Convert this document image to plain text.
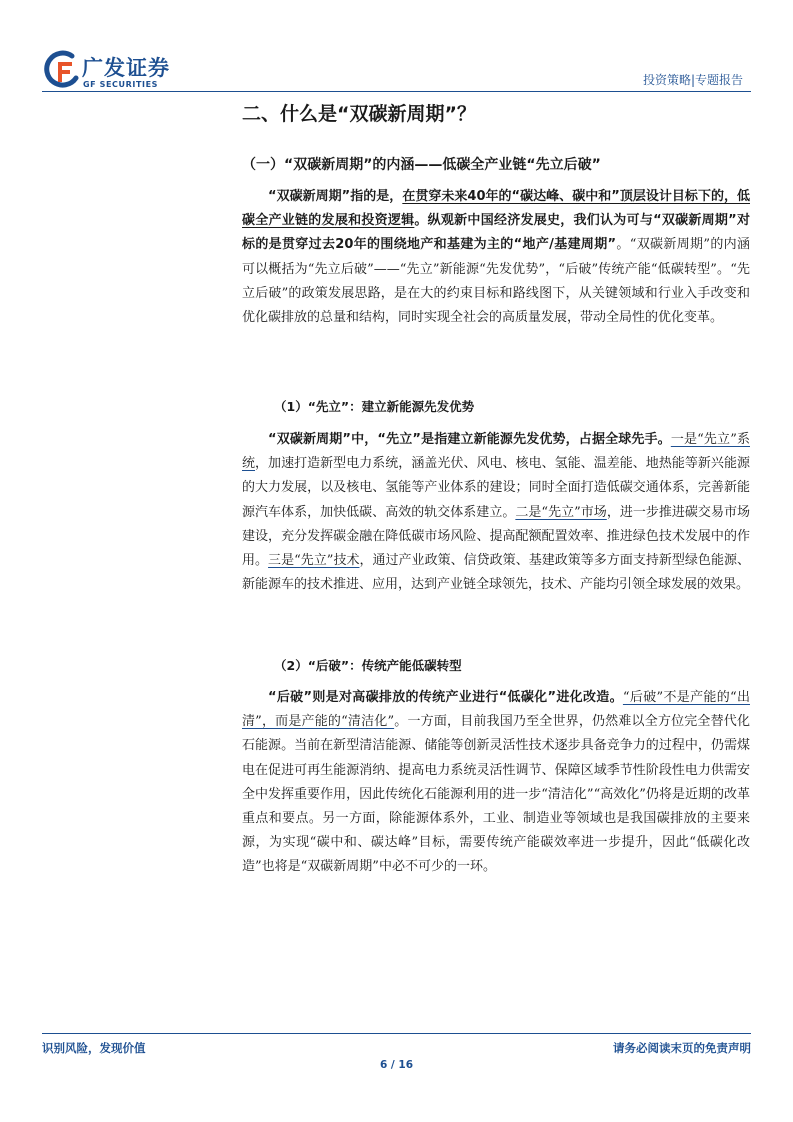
广发证券
GF SECURITIES	投资策略|专题报告
二、什么是“双碳新周期”？
（一）“双碳新周期”的内涵——低碳全产业链“先立后破”
“双碳新周期”指的是，在贯穿未来40年的“碳达峰、碳中和”顶层设计目标下的，低碳全产业链的发展和投资逻辑。纵观新中国经济发展史，我们认为可与“双碳新周期”对标的是贯穿过去20年的围绕地产和基建为主的“地产/基建周期”。“双碳新周期”的内涵可以概括为“先立后破”——“先立”新能源“先发优势”，“后破”传统产能“低碳转型”。“先立后破”的政策发展思路，是在大的约束目标和路线图下，从关键领域和行业入手改变和优化碳排放的总量和结构，同时实现全社会的高质量发展，带动全局性的优化变革。
（1）“先立”：建立新能源先发优势
“双碳新周期”中，“先立”是指建立新能源先发优势，占据全球先手。一是“先立”系统，加速打造新型电力系统，涵盖光伏、风电、核电、氢能、温差能、地热能等新兴能源的大力发展，以及核电、氢能等产业体系的建设；同时全面打造低碳交通体系，完善新能源汽车体系，加快低碳、高效的轨交体系建立。二是“先立”市场，进一步推进碳交易市场建设，充分发挥碳金融在降低碳市场风险、提高配额配置效率、推进绿色技术发展中的作用。三是“先立”技术，通过产业政策、信贷政策、基建政策等多方面支持新型绿色能源、新能源车的技术推进、应用，达到产业链全球领先，技术、产能均引领全球发展的效果。
（2）“后破”：传统产能低碳转型
“后破”则是对高碳排放的传统产业进行“低碳化”进化改造。“后破”不是产能的“出清”，而是产能的“清洁化”。一方面，目前我国乃至全世界，仍然难以全方位完全替代化石能源。当前在新型清洁能源、储能等创新灵活性技术逐步具备竞争力的过程中，仍需煤电在促进可再生能源消纳、提高电力系统灵活性调节、保障区域季节性阶段性电力供需安全中发挥重要作用，因此传统化石能源利用的进一步“清洁化”“高效化”仍将是近期的改革重点和要点。另一方面，除能源体系外，工业、制造业等领域也是我国碳排放的主要来源，为实现“碳中和、碳达峰”目标，需要传统产能碳效率进一步提升，因此“低碳化改造”也将是“双碳新周期”中必不可少的一环。
识别风险，发现价值	请务必阅读末页的免责声明
6 / 16
